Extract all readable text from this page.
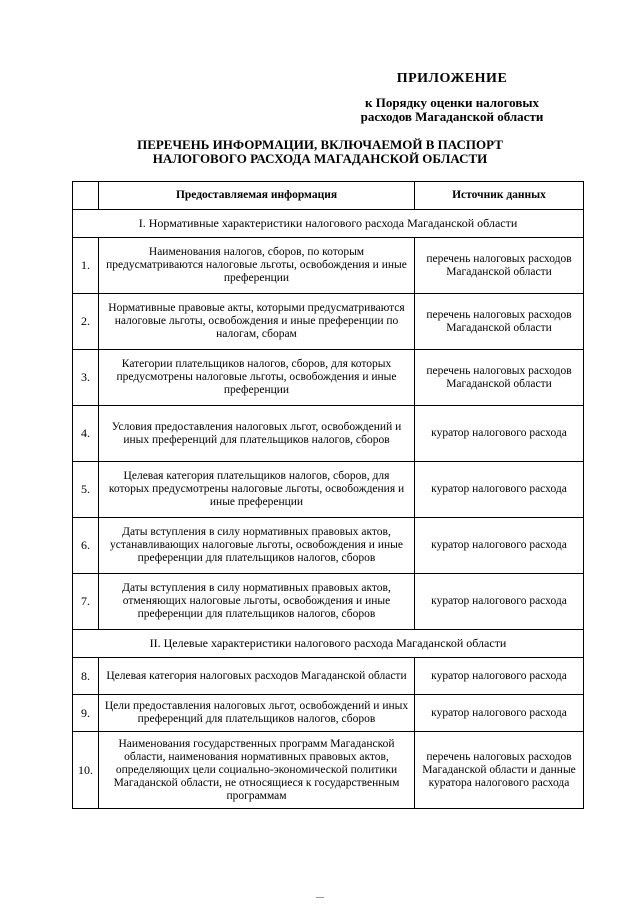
ПРИЛОЖЕНИЕ
к Порядку оценки налоговых
расходов Магаданской области
ПЕРЕЧЕНЬ ИНФОРМАЦИИ, ВКЛЮЧАЕМОЙ В ПАСПОРТ
НАЛОГОВОГО РАСХОДА МАГАДАНСКОЙ ОБЛАСТИ
	Предоставляемая информация	Источник данных
I. Нормативные характеристики налогового расхода Магаданской области		
1.	Наименования налогов, сборов, по которым предусматриваются налоговые льготы, освобождения и иные преференции	перечень налоговых расходов Магаданской области
2.	Нормативные правовые акты, которыми предусматриваются налоговые льготы, освобождения и иные преференции по налогам, сборам	перечень налоговых расходов Магаданской области
3.	Категории плательщиков налогов, сборов, для которых предусмотрены налоговые льготы, освобождения и иные преференции	перечень налоговых расходов Магаданской области
4.	Условия предоставления налоговых льгот, освобождений и иных преференций для плательщиков налогов, сборов	куратор налогового расхода
5.	Целевая категория плательщиков налогов, сборов, для которых предусмотрены налоговые льготы, освобождения и иные преференции	куратор налогового расхода
6.	Даты вступления в силу нормативных правовых актов, устанавливающих налоговые льготы, освобождения и иные преференции для плательщиков налогов, сборов	куратор налогового расхода
7.	Даты вступления в силу нормативных правовых актов, отменяющих налоговые льготы, освобождения и иные преференции для плательщиков налогов, сборов	куратор налогового расхода
II. Целевые характеристики налогового расхода Магаданской области		
8.	Целевая категория налоговых расходов Магаданской области	куратор налогового расхода
9.	Цели предоставления налоговых льгот, освобождений и иных преференций для плательщиков налогов, сборов	куратор налогового расхода
10.	Наименования государственных программ Магаданской области, наименования нормативных правовых актов, определяющих цели социально-экономической политики Магаданской области, не относящиеся к государственным программам	перечень налоговых расходов Магаданской области и данные куратора налогового расхода
